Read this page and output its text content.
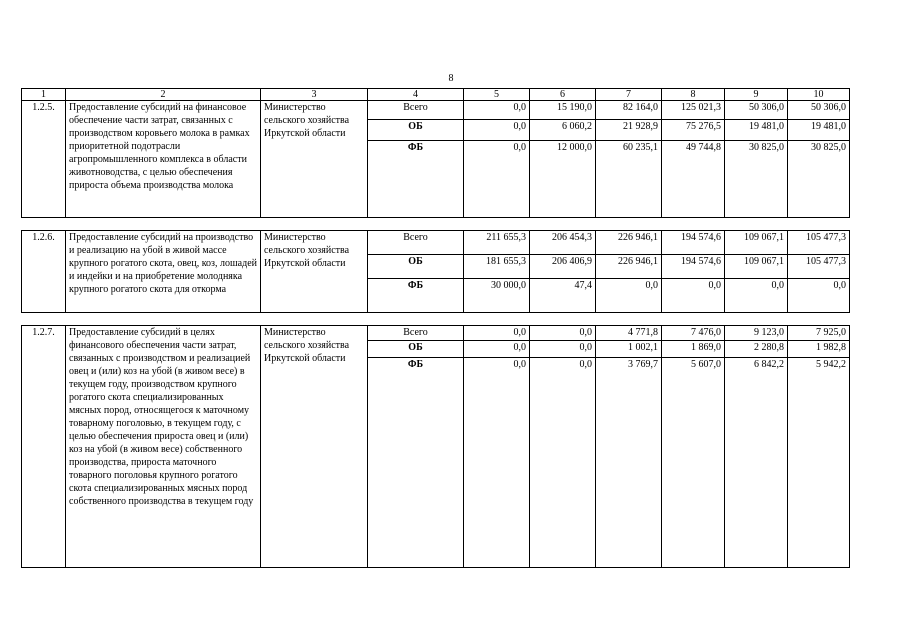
8
1	2	3	4	5	6	7	8	9	10
1.2.5.	Предоставление субсидий на финансовое обеспечение части затрат, связанных с производством коровьего молока в рамках приоритетной подотрасли агропромышленного комплекса в области животноводства, с целью обеспечения прироста объема производства молока	Министерство сельского хозяйства Иркутской области	Всего	0,0	15 190,0	82 164,0	125 021,3	50 306,0	50 306,0
			ОБ	0,0	6 060,2	21 928,9	75 276,5	19 481,0	19 481,0
			ФБ	0,0	12 000,0	60 235,1	49 744,8	30 825,0	30 825,0

1.2.6.	Предоставление субсидий на производство и реализацию на убой в живой массе крупного рогатого скота, овец, коз, лошадей и индейки и на приобретение молодняка крупного рогатого скота для откорма	Министерство сельского хозяйства Иркутской области	Всего	211 655,3	206 454,3	226 946,1	194 574,6	109 067,1	105 477,3
			ОБ	181 655,3	206 406,9	226 946,1	194 574,6	109 067,1	105 477,3
			ФБ	30 000,0	47,4	0,0	0,0	0,0	0,0

1.2.7.	Предоставление субсидий в целях финансового обеспечения части затрат, связанных с производством и реализацией овец и (или) коз на убой (в живом весе) в текущем году, производством крупного рогатого скота специализированных мясных пород, относящегося к маточному товарному поголовью, в текущем году, с целью обеспечения прироста овец и (или) коз на убой (в живом весе) собственного производства, прироста маточного товарного поголовья крупного рогатого скота специализированных мясных пород собственного производства в текущем году	Министерство сельского хозяйства Иркутской области	Всего	0,0	0,0	4 771,8	7 476,0	9 123,0	7 925,0
			ОБ	0,0	0,0	1 002,1	1 869,0	2 280,8	1 982,8
			ФБ	0,0	0,0	3 769,7	5 607,0	6 842,2	5 942,2
